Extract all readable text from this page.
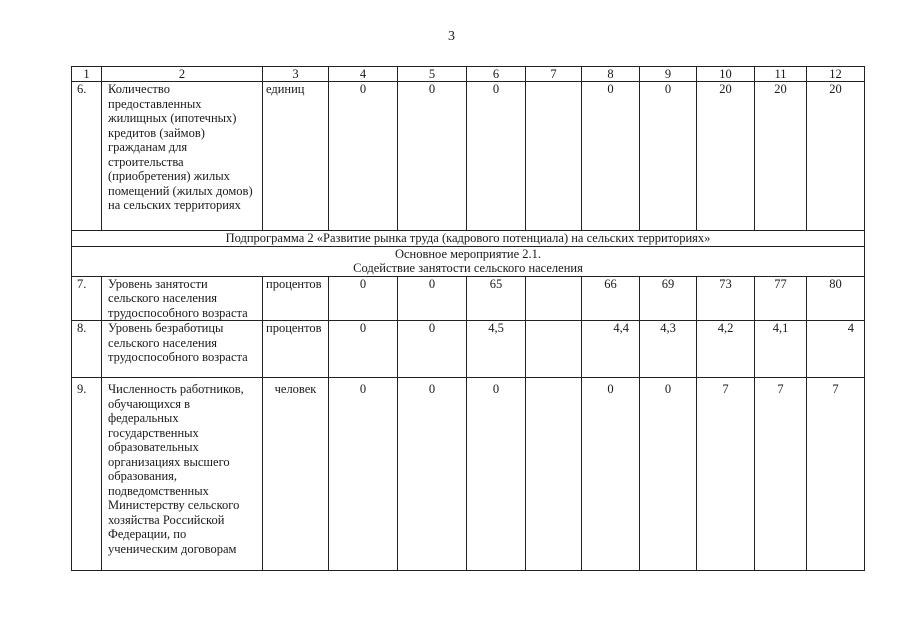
3
1	2	3	4	5	6	7	8	9	10	11	12
6.	Количество предоставленных жилищных (ипотечных) кредитов (займов) гражданам для строительства (приобретения) жилых помещений (жилых домов) на сельских территориях	единиц	0	0	0		0	0	20	20	20
Подпрограмма 2 «Развитие рынка труда (кадрового потенциала) на сельских территориях»											

Основное мероприятие 2.1.
Содействие занятости сельского населения											

7.	Уровень занятости сельского населения трудоспособного возраста	процентов	0	0	65		66	69	73	77	80
8.	Уровень безработицы сельского населения трудоспособного возраста	процентов	0	0	4,5		4,4	4,3	4,2	4,1	4
9.	Численность работников, обучающихся в федеральных государственных образовательных организациях высшего образования, подведомственных Министерству сельского хозяйства Российской Федерации, по ученическим договорам	человек	0	0	0		0	0	7	7	7
